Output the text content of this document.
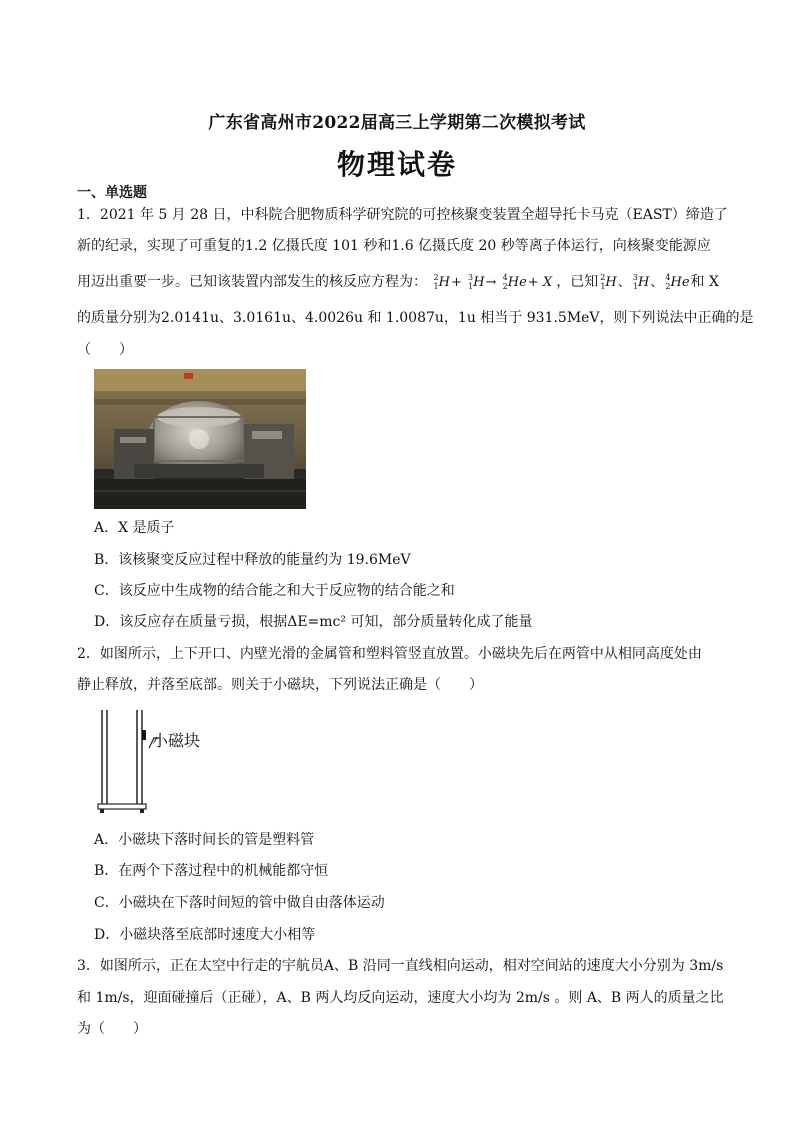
广东省高州市2022届高三上学期第二次模拟考试
物理试卷
一、单选题
1．2021 年 5 月 28 日，中科院合肥物质科学研究院的可控核聚变装置全超导托卡马克（EAST）缔造了
新的纪录，实现了可重复的1.2 亿摄氏度 101 秒和1.6 亿摄氏度 20 秒等离子体运行，向核聚变能源应
用迈出重要一步。已知该装置内部发生的核反应方程为： $^2_1$H+ $^3_1$H→ $^4_2$He+ X ，已知 $^2_1$H、 $^3_1$H、 $^4_2$He和 X
的质量分别为2.0141u、3.0161u、4.0026u 和 1.0087u，1u 相当于 931.5MeV，则下列说法中正确的是
（　　）
A．X 是质子
B．该核聚变反应过程中释放的能量约为 19.6MeV
C．该反应中生成物的结合能之和大于反应物的结合能之和
D．该反应存在质量亏损，根据ΔE=mc² 可知，部分质量转化成了能量
2．如图所示，上下开口、内壁光滑的金属管和塑料管竖直放置。小磁块先后在两管中从相同高度处由
静止释放，并落至底部。则关于小磁块，下列说法正确是（　　）
小磁块
A．小磁块下落时间长的管是塑料管
B．在两个下落过程中的机械能都守恒
C．小磁块在下落时间短的管中做自由落体运动
D．小磁块落至底部时速度大小相等
3．如图所示，正在太空中行走的宇航员A、B 沿同一直线相向运动，相对空间站的速度大小分别为 3m/s
和 1m/s，迎面碰撞后（正碰），A、B 两人均反向运动，速度大小均为 2m/s 。则 A、B 两人的质量之比
为（　　）
